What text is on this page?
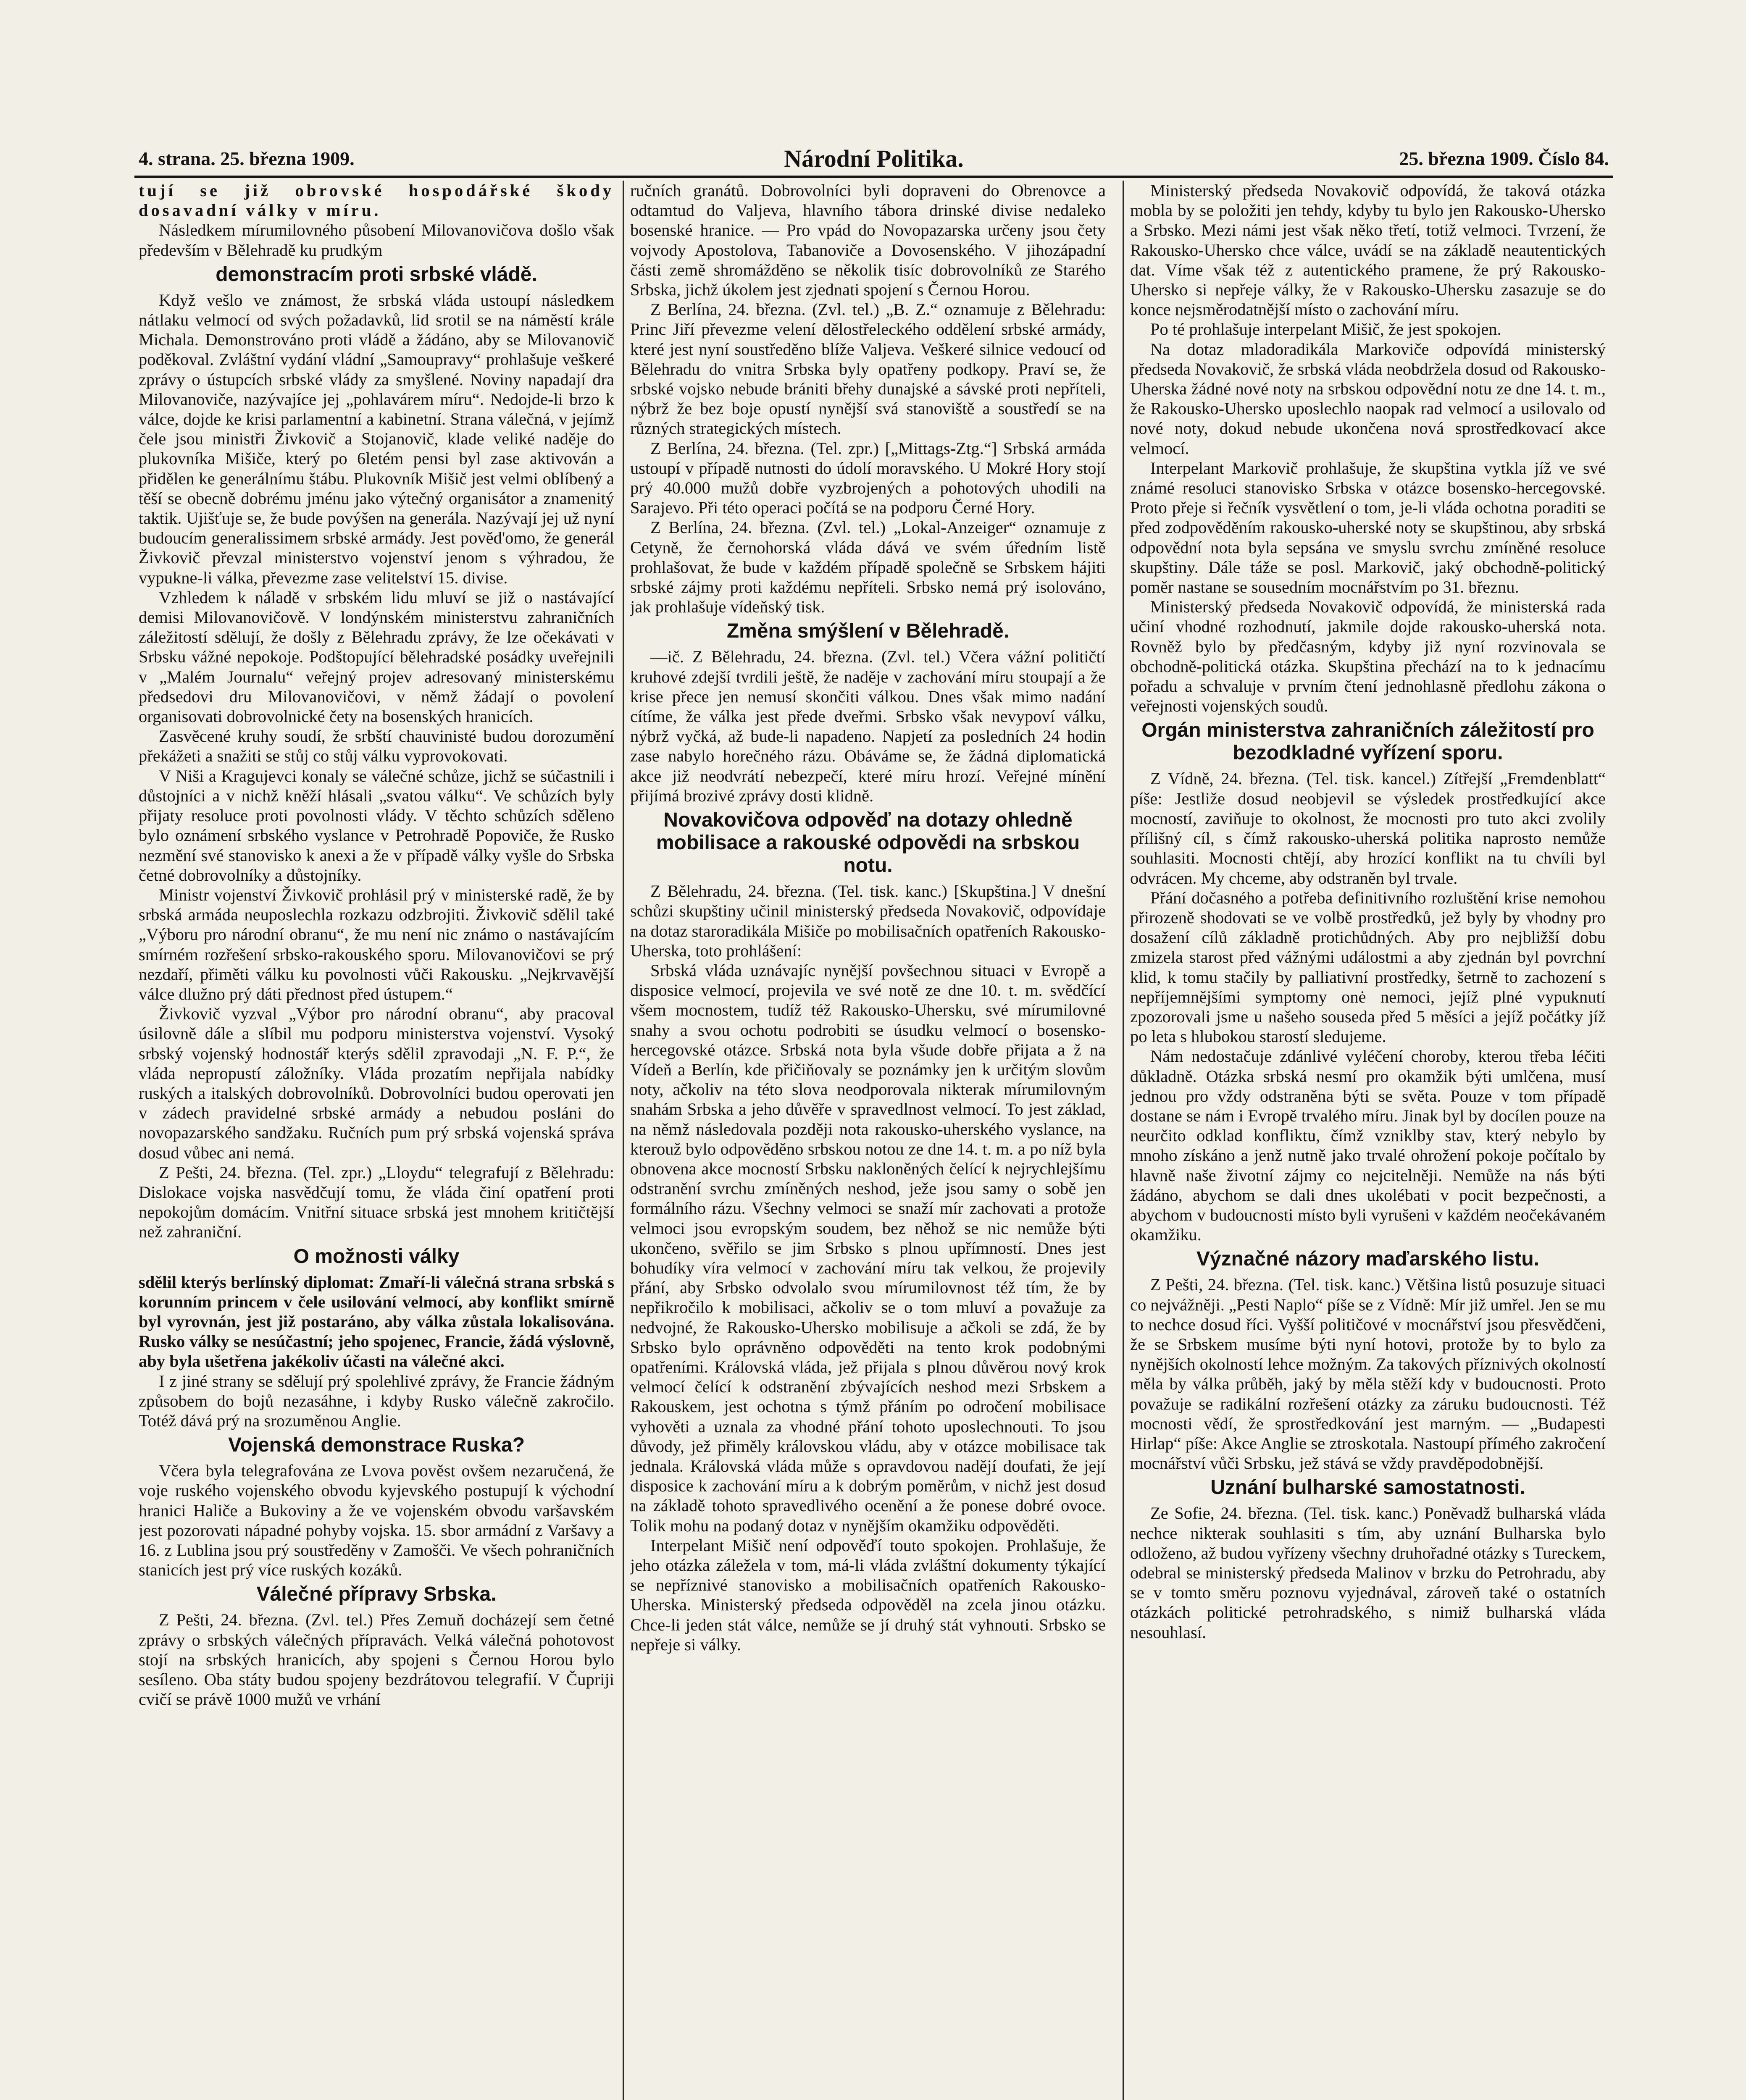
4. strana. 25. března 1909.	Národní Politika.	25. března 1909. Číslo 84.

tují se již obrovské hospodářské škody dosavadní války v míru.

Následkem mírumilovného působení Milovanovičova došlo však především v Bělehradě ku prudkým

demonstracím proti srbské vládě.

Když vešlo ve známost, že srbská vláda ustoupí následkem nátlaku velmocí od svých požadavků, lid srotil se na náměstí krále Michala. Demonstrováno proti vládě a žádáno, aby se Milovanovič poděkoval. Zvláštní vydání vládní „Samoupravy“ prohlašuje veškeré zprávy o ústupcích srbské vlády za smyšlené. Noviny napadají dra Milovanoviče, nazývajíce jej „pohlavárem míru“. Nedojde-li brzo k válce, dojde ke krisi parlamentní a kabinetní. Strana válečná, v jejímž čele jsou ministři Živkovič a Stojanovič, klade veliké naděje do plukovníka Mišiče, který po 6letém pensi byl zase aktivován a přidělen ke generálnímu štábu. Plukovník Mišič jest velmi oblíbený a těší se obecně dobrému jménu jako výtečný organisátor a znamenitý taktik. Ujišťuje se, že bude povýšen na generála. Nazývají jej už nyní budoucím generalissimem srbské armády. Jest pověd'omo, že generál Živkovič převzal ministerstvo vojenství jenom s výhradou, že vypukne-li válka, převezme zase velitelství 15. divise.

Vzhledem k náladě v srbském lidu mluví se již o nastávající demisi Milovanovičově. V londýnském ministerstvu zahraničních záležitostí sdělují, že došly z Bělehradu zprávy, že lze očekávati v Srbsku vážné nepokoje. Podštopující bělehradské posádky uveřejnili v „Malém Journalu“ veřejný projev adresovaný ministerskému předsedovi dru Milovanovičovi, v němž žádají o povolení organisovati dobrovolnické čety na bosenských hranicích.

Zasvěcené kruhy soudí, že srbští chauvinisté budou dorozumění překážeti a snažiti se stůj co stůj válku vyprovokovati.

V Niši a Kragujevci konaly se válečné schůze, jichž se súčastnili i důstojníci a v nichž kněží hlásali „svatou válku“. Ve schůzích byly přijaty resoluce proti povolnosti vlády. V těchto schůzích sděleno bylo oznámení srbského vyslance v Petrohradě Popoviče, že Rusko nezmění své stanovisko k anexi a že v případě války vyšle do Srbska četné dobrovolníky a důstojníky.

Ministr vojenství Živkovič prohlásil prý v ministerské radě, že by srbská armáda neuposlechla rozkazu odzbrojiti. Živkovič sdělil také „Výboru pro národní obranu“, že mu není nic známo o nastávajícím smírném rozřešení srbsko-rakouského sporu. Milovanovičovi se prý nezdaří, přiměti válku ku povolnosti vůči Rakousku. „Nejkrvavější válce dlužno prý dáti přednost před ústupem.“

Živkovič vyzval „Výbor pro národní obranu“, aby pracoval úsilovně dále a slíbil mu podporu ministerstva vojenství. Vysoký srbský vojenský hodnostář kterýs sdělil zpravodaji „N. F. P.“, že vláda nepropustí záložníky. Vláda prozatím nepřijala nabídky ruských a italských dobrovolníků. Dobrovolníci budou operovati jen v zádech pravidelné srbské armády a nebudou posláni do novopazarského sandžaku. Ručních pum prý srbská vojenská správa dosud vůbec ani nemá.

Z Pešti, 24. března. (Tel. zpr.) „Lloydu“ telegrafují z Bělehradu: Dislokace vojska nasvědčují tomu, že vláda činí opatření proti nepokojům domácím. Vnitřní situace srbská jest mnohem kritičtější než zahraniční.

O možnosti války

sdělil kterýs berlínský diplomat: Zmaří-li válečná strana srbská s korunním princem v čele usilování velmocí, aby konflikt smírně byl vyrovnán, jest již postaráno, aby válka zůstala lokalisována. Rusko války se nesúčastní; jeho spojenec, Francie, žádá výslovně, aby byla ušetřena jakékoliv účasti na válečné akci.

I z jiné strany se sdělují prý spolehlivé zprávy, že Francie žádným způsobem do bojů nezasáhne, i kdyby Rusko válečně zakročilo. Totéž dává prý na srozuměnou Anglie.

Vojenská demonstrace Ruska?

Včera byla telegrafována ze Lvova pověst ovšem nezaručená, že voje ruského vojenského obvodu kyjevského postupují k východní hranici Haliče a Bukoviny a že ve vojenském obvodu varšavském jest pozorovati nápadné pohyby vojska. 15. sbor armádní z Varšavy a 16. z Lublina jsou prý soustředěny v Zamošči. Ve všech pohraničních stanicích jest prý více ruských kozáků.

Válečné přípravy Srbska.

Z Pešti, 24. března. (Zvl. tel.) Přes Zemuň docházejí sem četné zprávy o srbských válečných přípravách. Velká válečná pohotovost stojí na srbských hranicích, aby spojeni s Černou Horou bylo sesíleno. Oba státy budou spojeny bezdrátovou telegrafií. V Čupriji cvičí se právě 1000 mužů ve vrhání

ručních granátů. Dobrovolníci byli dopraveni do Obrenovce a odtamtud do Valjeva, hlavního tábora drinské divise nedaleko bosenské hranice. — Pro vpád do Novopazarska určeny jsou čety vojvody Apostolova, Tabanoviče a Dovosenského. V jihozápadní části země shromážděno se několik tisíc dobrovolníků ze Starého Srbska, jichž úkolem jest zjednati spojení s Černou Horou.

Z Berlína, 24. března. (Zvl. tel.) „B. Z.“ oznamuje z Bělehradu: Princ Jiří převezme velení dělostřeleckého oddělení srbské armády, které jest nyní soustředěno blíže Valjeva. Veškeré silnice vedoucí od Bělehradu do vnitra Srbska byly opatřeny podkopy. Praví se, že srbské vojsko nebude brániti břehy dunajské a sávské proti nepříteli, nýbrž že bez boje opustí nynější svá stanoviště a soustředí se na různých strategických místech.

Z Berlína, 24. března. (Tel. zpr.) [„Mittags-Ztg.“] Srbská armáda ustoupí v případě nutnosti do údolí moravského. U Mokré Hory stojí prý 40.000 mužů dobře vyzbrojených a pohotových uhodili na Sarajevo. Při této operaci počítá se na podporu Černé Hory.

Z Berlína, 24. března. (Zvl. tel.) „Lokal-Anzeiger“ oznamuje z Cetyně, že černohorská vláda dává ve svém úředním listě prohlašovat, že bude v každém případě společně se Srbskem hájiti srbské zájmy proti každému nepříteli. Srbsko nemá prý isolováno, jak prohlašuje vídeňský tisk.

Změna smýšlení v Bělehradě.

—ič. Z Bělehradu, 24. března. (Zvl. tel.) Včera vážní političtí kruhové zdejší tvrdili ještě, že naděje v zachování míru stoupají a že krise přece jen nemusí skončiti válkou. Dnes však mimo nadání cítíme, že válka jest přede dveřmi. Srbsko však nevypoví válku, nýbrž vyčká, až bude-li napadeno. Napjetí za posledních 24 hodin zase nabylo horečného rázu. Obáváme se, že žádná diplomatická akce již neodvrátí nebezpečí, které míru hrozí. Veřejné mínění přijímá brozivé zprávy dosti klidně.

Novakovičova odpověď na dotazy ohledně mobilisace a rakouské odpovědi na srbskou notu.

Z Bělehradu, 24. března. (Tel. tisk. kanc.) [Skupština.] V dnešní schůzi skupštiny učinil ministerský předseda Novakovič, odpovídaje na dotaz staroradikála Mišiče po mobilisačních opatřeních Rakousko-Uherska, toto prohlášení:

Srbská vláda uznávajíc nynější povšechnou situaci v Evropě a disposice velmocí, projevila ve své notě ze dne 10. t. m. svědčící všem mocnostem, tudíž též Rakousko-Uhersku, své mírumilovné snahy a svou ochotu podrobiti se úsudku velmocí o bosensko-hercegovské otázce. Srbská nota byla všude dobře přijata a ž na Vídeň a Berlín, kde přičiňovaly se poznámky jen k určitým slovům noty, ačkoliv na této slova neodporovala nikterak mírumilovným snahám Srbska a jeho důvěře v spravedlnost velmocí. To jest základ, na němž následovala později nota rakousko-uherského vyslance, na kterouž bylo odpověděno srbskou notou ze dne 14. t. m. a po níž byla obnovena akce mocností Srbsku nakloněných čelící k nejrychlejšímu odstranění svrchu zmíněných neshod, ježe jsou samy o sobě jen formálního rázu. Všechny velmoci se snaží mír zachovati a protože velmoci jsou evropským soudem, bez něhož se nic nemůže býti ukončeno, svěřilo se jim Srbsko s plnou upřímností. Dnes jest bohudíky víra velmocí v zachování míru tak velkou, že projevily přání, aby Srbsko odvolalo svou mírumilovnost též tím, že by nepřikročilo k mobilisaci, ačkoliv se o tom mluví a považuje za nedvojné, že Rakousko-Uhersko mobilisuje a ačkoli se zdá, že by Srbsko bylo oprávněno odpověděti na tento krok podobnými opatřeními. Královská vláda, jež přijala s plnou důvěrou nový krok velmocí čelící k odstranění zbývajících neshod mezi Srbskem a Rakouskem, jest ochotna s týmž přáním po odročení mobilisace vyhověti a uznala za vhodné přání tohoto uposlechnouti. To jsou důvody, jež přiměly královskou vládu, aby v otázce mobilisace tak jednala. Královská vláda může s opravdovou nadějí doufati, že její disposice k zachování míru a k dobrým poměrům, v nichž jest dosud na základě tohoto spravedlivého ocenění a že ponese dobré ovoce. Tolik mohu na podaný dotaz v nynějším okamžiku odpověděti.

Interpelant Mišič není odpověďí touto spokojen. Prohlašuje, že jeho otázka záležela v tom, má-li vláda zvláštní dokumenty týkající se nepříznivé stanovisko a mobilisačních opatřeních Rakousko-Uherska. Ministerský předseda odpověděl na zcela jinou otázku. Chce-li jeden stát válce, nemůže se jí druhý stát vyhnouti. Srbsko se nepřeje si války.

Ministerský předseda Novakovič odpovídá, že taková otázka mobla by se položiti jen tehdy, kdyby tu bylo jen Rakousko-Uhersko a Srbsko. Mezi námi jest však něko třetí, totiž velmoci. Tvrzení, že Rakousko-Uhersko chce válce, uvádí se na základě neautentických dat. Víme však též z autentického pramene, že prý Rakousko-Uhersko si nepřeje války, že v Rakousko-Uhersku zasazuje se do konce nejsměrodatnější místo o zachování míru.

Po té prohlašuje interpelant Mišič, že jest spokojen.

Na dotaz mladoradikála Markoviče odpovídá ministerský předseda Novakovič, že srbská vláda neobdržela dosud od Rakousko-Uherska žádné nové noty na srbskou odpovědní notu ze dne 14. t. m., že Rakousko-Uhersko uposlechlo naopak rad velmocí a usilovalo od nové noty, dokud nebude ukončena nová sprostředkovací akce velmocí.

Interpelant Markovič prohlašuje, že skupština vytkla jíž ve své známé resoluci stanovisko Srbska v otázce bosensko-hercegovské. Proto přeje si řečník vysvětlení o tom, je-li vláda ochotna poraditi se před zodpověděním rakousko-uherské noty se skupštinou, aby srbská odpovědní nota byla sepsána ve smyslu svrchu zmíněné resoluce skupštiny. Dále táže se posl. Markovič, jaký obchodně-politický poměr nastane se sousedním mocnářstvím po 31. březnu.

Ministerský předseda Novakovič odpovídá, že ministerská rada učiní vhodné rozhodnutí, jakmile dojde rakousko-uherská nota. Rovněž bylo by předčasným, kdyby již nyní rozvinovala se obchodně-politická otázka. Skupština přechází na to k jednacímu pořadu a schvaluje v prvním čtení jednohlasně předlohu zákona o veřejnosti vojenských soudů.

Orgán ministerstva zahraničních záležitostí pro bezodkladné vyřízení sporu.

Z Vídně, 24. března. (Tel. tisk. kancel.) Zítřejší „Fremdenblatt“ píše: Jestliže dosud neobjevil se výsledek prostředkující akce mocností, zaviňuje to okolnost, že mocnosti pro tuto akci zvolily přílišný cíl, s čímž rakousko-uherská politika naprosto nemůže souhlasiti. Mocnosti chtějí, aby hrozící konflikt na tu chvíli byl odvrácen. My chceme, aby odstraněn byl trvale.

Přání dočasného a potřeba definitivního rozluštění krise nemohou přirozeně shodovati se ve volbě prostředků, jež byly by vhodny pro dosažení cílů základně protichůdných. Aby pro nejbližší dobu zmizela starost před vážnými událostmi a aby zjednán byl povrchní klid, k tomu stačily by palliativní prostředky, šetrně to zachození s nepříjemnějšími symptomy onė nemoci, jejíž plné vypuknutí zpozorovali jsme u našeho souseda před 5 měsíci a jejíž počátky jíž po leta s hlubokou starostí sledujeme.

Nám nedostačuje zdánlivé vyléčení choroby, kterou třeba léčiti důkladně. Otázka srbská nesmí pro okamžik býti umlčena, musí jednou pro vždy odstraněna býti se světa. Pouze v tom případě dostane se nám i Evropě trvalého míru. Jinak byl by docílen pouze na neurčito odklad konfliktu, čímž vzniklby stav, který nebylo by mnoho získáno a jenž nutně jako trvalé ohrožení pokoje počítalo by hlavně naše životní zájmy co nejcitelněji. Nemůže na nás býti žádáno, abychom se dali dnes ukolébati v pocit bezpečnosti, a abychom v budoucnosti místo byli vyrušeni v každém neočekávaném okamžiku.

Význačné názory maďarského listu.

Z Pešti, 24. března. (Tel. tisk. kanc.) Většina listů posuzuje situaci co nejvážněji. „Pesti Naplo“ píše se z Vídně: Mír již umřel. Jen se mu to nechce dosud říci. Vyšší političové v mocnářství jsou přesvědčeni, že se Srbskem musíme býti nyní hotovi, protože by to bylo za nynějších okolností lehce možným. Za takových příznivých okolností měla by válka průběh, jaký by měla stěží kdy v budoucnosti. Proto považuje se radikální rozřešení otázky za záruku budoucnosti. Též mocnosti vědí, že sprostředkování jest marným. — „Budapesti Hirlap“ píše: Akce Anglie se ztroskotala. Nastoupí přímého zakročení mocnářství vůči Srbsku, jež stává se vždy pravděpodobnější.

Uznání bulharské samostatnosti.

Ze Sofie, 24. března. (Tel. tisk. kanc.) Poněvadž bulharská vláda nechce nikterak souhlasiti s tím, aby uznání Bulharska bylo odloženo, až budou vyřízeny všechny druhořadné otázky s Tureckem, odebral se ministerský předseda Malinov v brzku do Petrohradu, aby se v tomto směru poznovu vyjednával, zároveň také o ostatních otázkách politické petrohradského, s nimiž bulharská vláda nesouhlasí.
